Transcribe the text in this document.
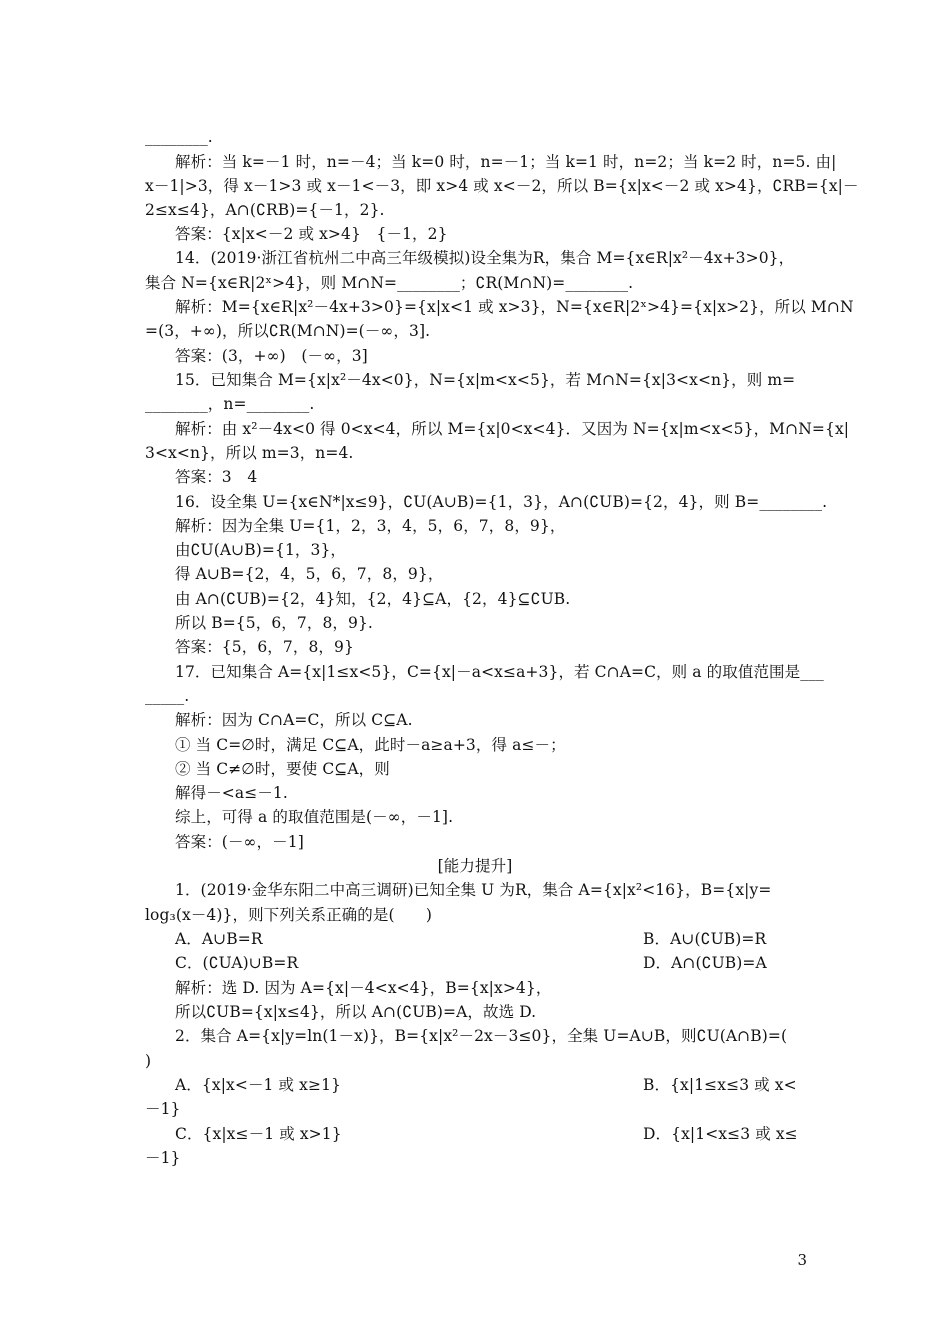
________.
解析：当 k=－1 时，n=－4；当 k=0 时，n=－1；当 k=1 时，n=2；当 k=2 时，n=5. 由|
x－1|>3，得 x－1>3 或 x－1<－3，即 x>4 或 x<－2，所以 B={x|x<－2 或 x>4}，∁RB={x|－
2≤x≤4}，A∩(∁RB)={－1，2}.
答案：{x|x<－2 或 x>4}　{－1，2}
14．(2019·浙江省杭州二中高三年级模拟)设全集为R，集合 M={x∈R|x²－4x+3>0}，
集合 N={x∈R|2ˣ>4}，则 M∩N=________；∁R(M∩N)=________.
解析：M={x∈R|x²－4x+3>0}={x|x<1 或 x>3}，N={x∈R|2ˣ>4}={x|x>2}，所以 M∩N
=(3，+∞)，所以∁R(M∩N)=(－∞，3].
答案：(3，+∞)　(－∞，3]
15．已知集合 M={x|x²－4x<0}，N={x|m<x<5}，若 M∩N={x|3<x<n}，则 m=
________，n=________.
解析：由 x²－4x<0 得 0<x<4，所以 M={x|0<x<4}．又因为 N={x|m<x<5}，M∩N={x|
3<x<n}，所以 m=3，n=4.
答案：3　4
16．设全集 U={x∈N*|x≤9}，∁U(A∪B)={1，3}，A∩(∁UB)={2，4}，则 B=________.
解析：因为全集 U={1，2，3，4，5，6，7，8，9}，
由∁U(A∪B)={1，3}，
得 A∪B={2，4，5，6，7，8，9}，
由 A∩(∁UB)={2，4}知，{2，4}⊆A，{2，4}⊆∁UB.
所以 B={5，6，7，8，9}.
答案：{5，6，7，8，9}
17．已知集合 A={x|1≤x<5}，C={x|－a<x≤a+3}，若 C∩A=C，则 a 的取值范围是___
_____.
解析：因为 C∩A=C，所以 C⊆A.
① 当 C=∅时，满足 C⊆A，此时－a≥a+3，得 a≤－；
② 当 C≠∅时，要使 C⊆A，则
解得－<a≤－1.
综上，可得 a 的取值范围是(－∞，－1].
答案：(－∞，－1]
[能力提升]
1．(2019·金华东阳二中高三调研)已知全集 U 为R，集合 A={x|x²<16}，B={x|y=
log₃(x－4)}，则下列关系正确的是(　　)
A．A∪B=R	B．A∪(∁UB)=R
C．(∁UA)∪B=R	D．A∩(∁UB)=A
解析：选 D. 因为 A={x|－4<x<4}，B={x|x>4}，
所以∁UB={x|x≤4}，所以 A∩(∁UB)=A，故选 D.
2．集合 A={x|y=ln(1－x)}，B={x|x²－2x－3≤0}，全集 U=A∪B，则∁U(A∩B)=(
)
A．{x|x<－1 或 x≥1}	B．{x|1≤x≤3 或 x<
－1}
C．{x|x≤－1 或 x>1}	D．{x|1<x≤3 或 x≤
－1}
3
